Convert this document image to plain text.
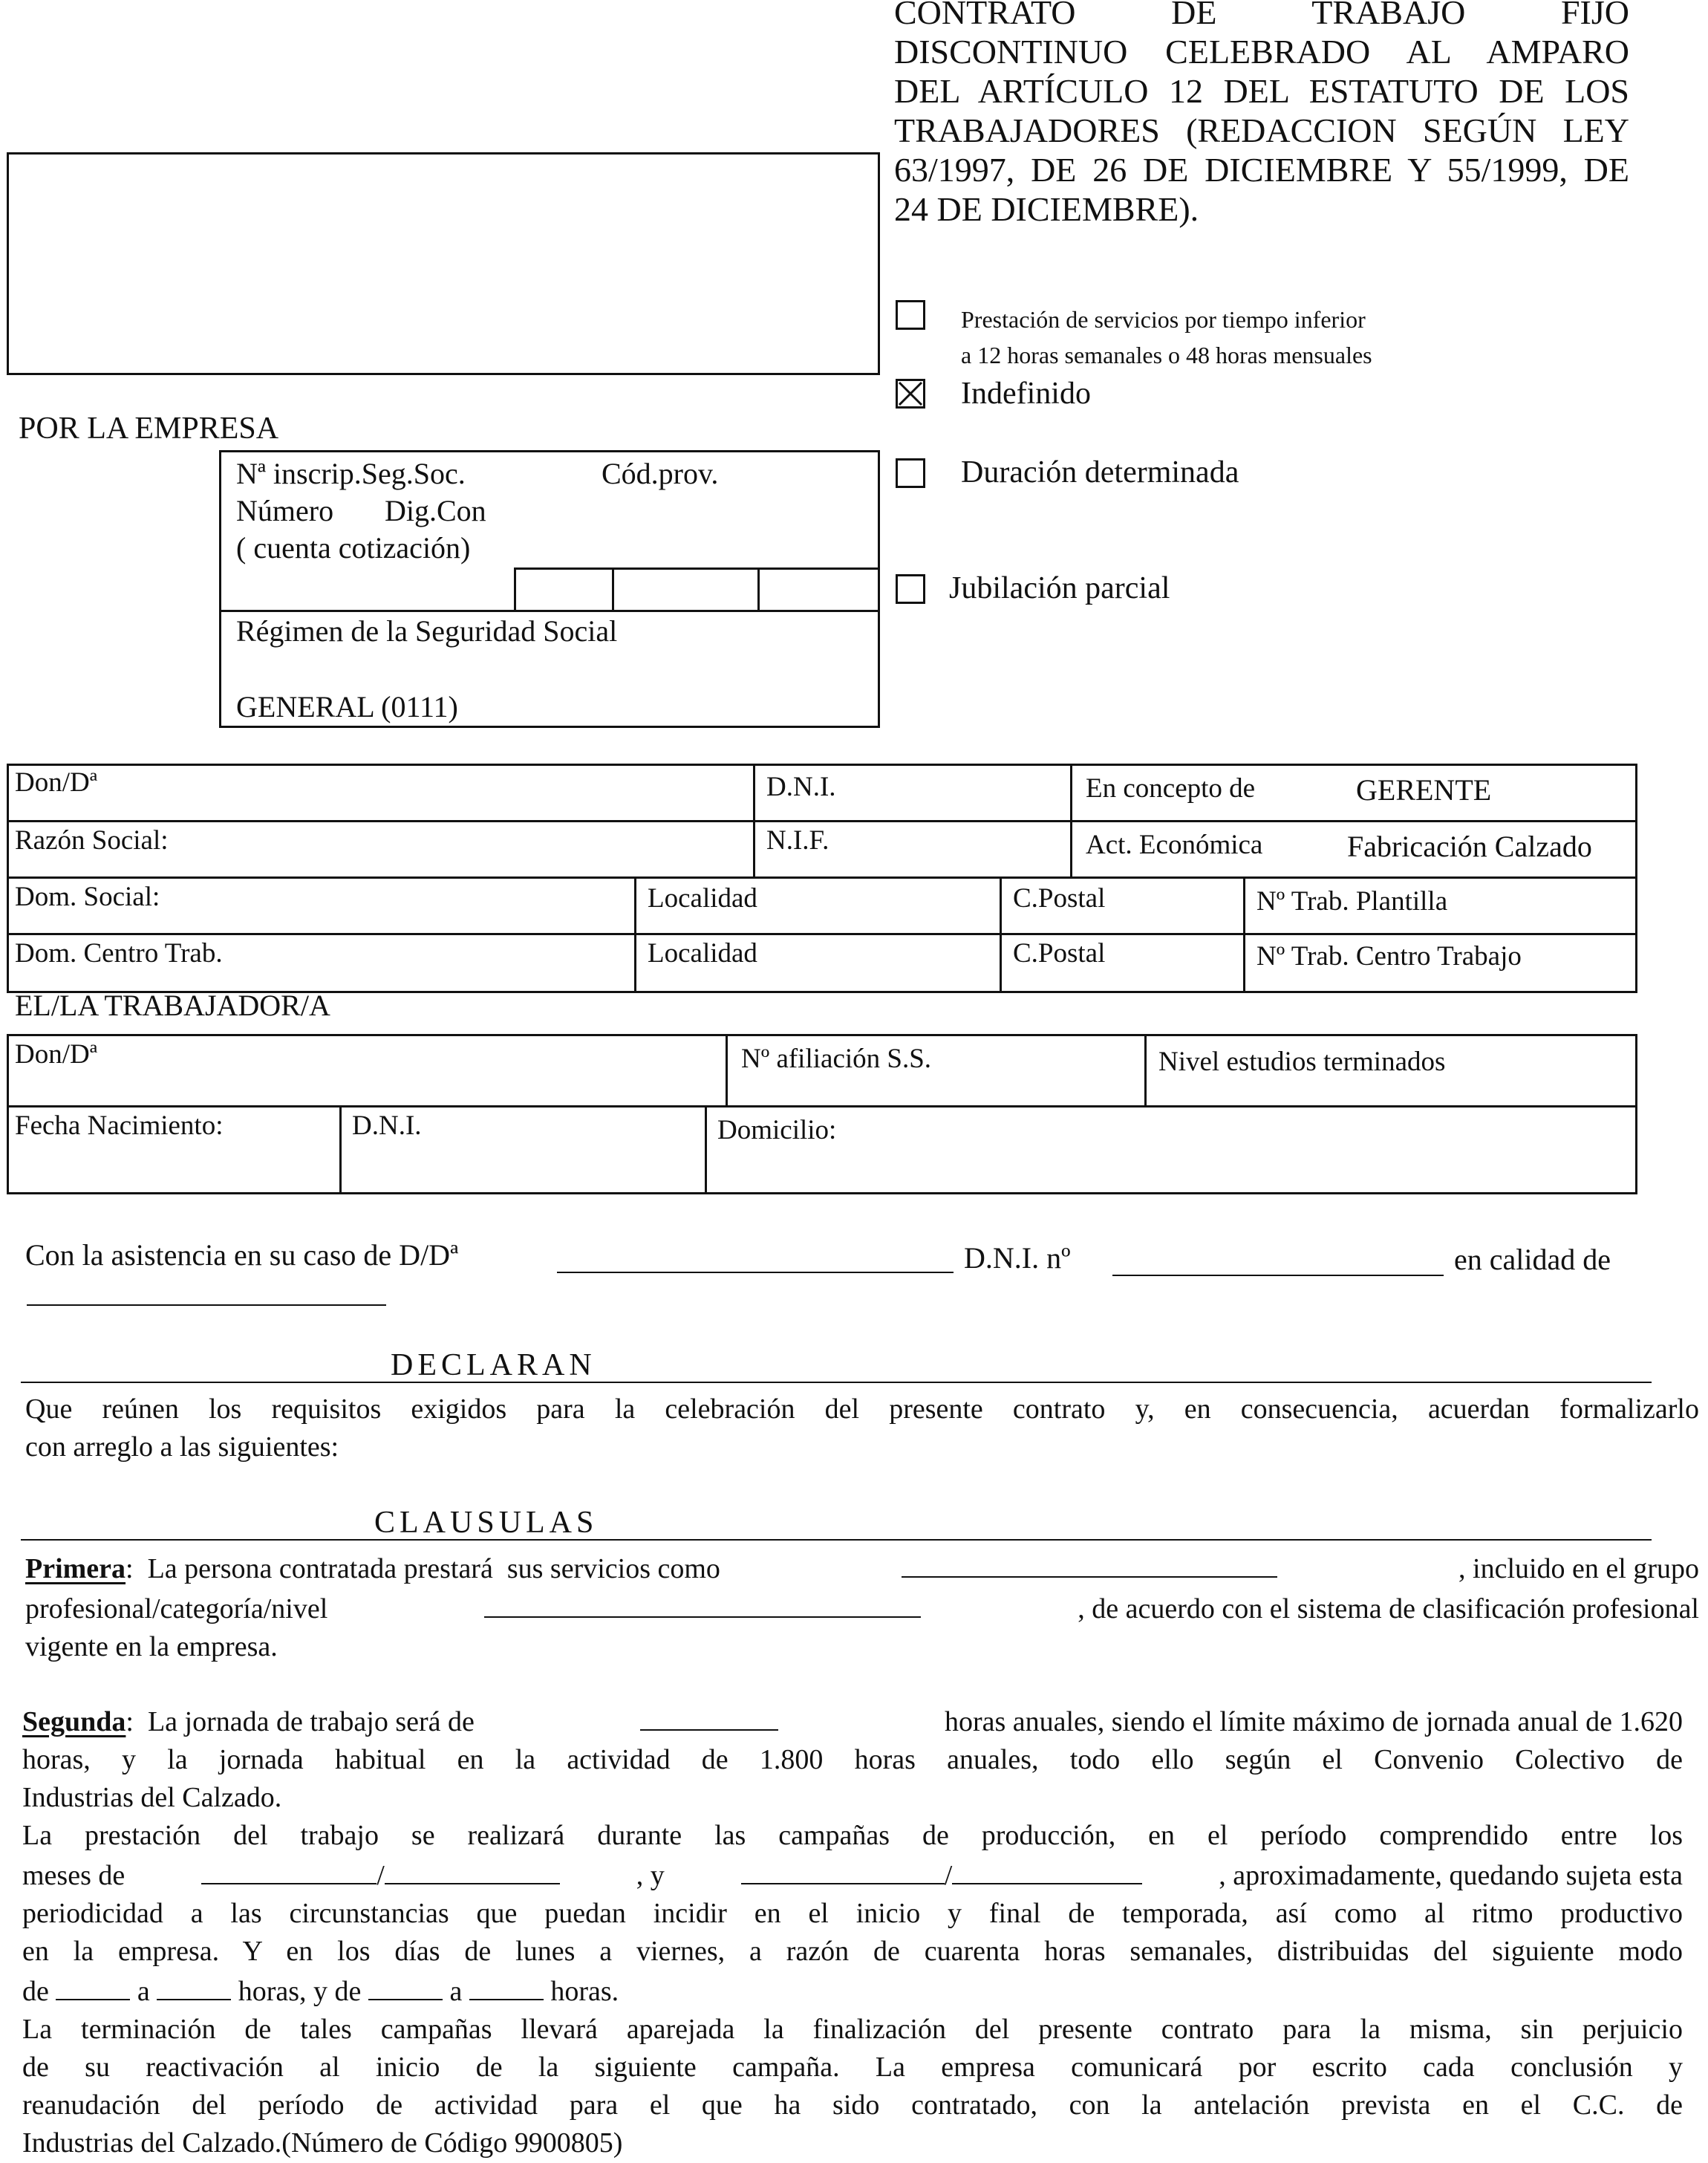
CONTRATO DE TRABAJO FIJO
DISCONTINUO CELEBRADO AL AMPARO
DEL ARTÍCULO 12 DEL ESTATUTO DE LOS
TRABAJADORES (REDACCION SEGÚN LEY
63/1997, DE 26 DE DICIEMBRE Y 55/1999, DE
24 DE DICIEMBRE).
Prestación de servicios por tiempo inferior
a 12 horas semanales o 48 horas mensuales
Indefinido
Duración determinada
Jubilación parcial
POR LA EMPRESA
Nª inscrip.Seg.Soc.	Cód.prov.
Número Dig.Con
( cuenta cotización)
Régimen de la Seguridad Social
GENERAL (0111)
Don/Dª	D.N.I.	En concepto de	GERENTE
Razón Social:	N.I.F.	Act. Económica	Fabricación Calzado
Dom. Social:	Localidad	C.Postal	Nº Trab. Plantilla
Dom. Centro Trab.	Localidad	C.Postal	Nº Trab. Centro Trabajo
EL/LA TRABAJADOR/A
Don/Dª	Nº afiliación S.S.	Nivel estudios terminados
Fecha Nacimiento:	D.N.I.	Domicilio:
Con la asistencia en su caso de D/Dª	D.N.I. nº	en calidad de
DECLARAN
Que reúnen los requisitos exigidos para la celebración del presente contrato y, en consecuencia, acuerdan formalizarlo
con arreglo a las siguientes:
CLAUSULAS
Primera:  La persona contratada prestará  sus servicios como	, incluido en el grupo
profesional/categoría/nivel	, de acuerdo con el sistema de clasificación profesional
vigente en la empresa.
Segunda:  La jornada de trabajo será de	horas anuales, siendo el límite máximo de jornada anual de 1.620
horas, y la jornada habitual en la actividad de 1.800 horas anuales, todo ello según el Convenio Colectivo de
Industrias del Calzado.
La prestación del trabajo se realizará durante las campañas de producción, en el período comprendido entre los
meses de	/	, y	/	, aproximadamente, quedando sujeta esta
periodicidad a las circunstancias que puedan incidir en el inicio y final de temporada, así como al ritmo productivo
en la empresa. Y en los días de lunes a viernes, a razón de cuarenta horas semanales, distribuidas del siguiente modo
de	a	horas, y de	a	horas.
La terminación de tales campañas llevará aparejada la finalización del presente contrato para la misma, sin perjuicio
de su reactivación al inicio de la siguiente campaña. La empresa comunicará por escrito cada conclusión y
reanudación del período de actividad para el que ha sido contratado, con la antelación prevista en el C.C. de
Industrias del Calzado.(Número de Código 9900805)
